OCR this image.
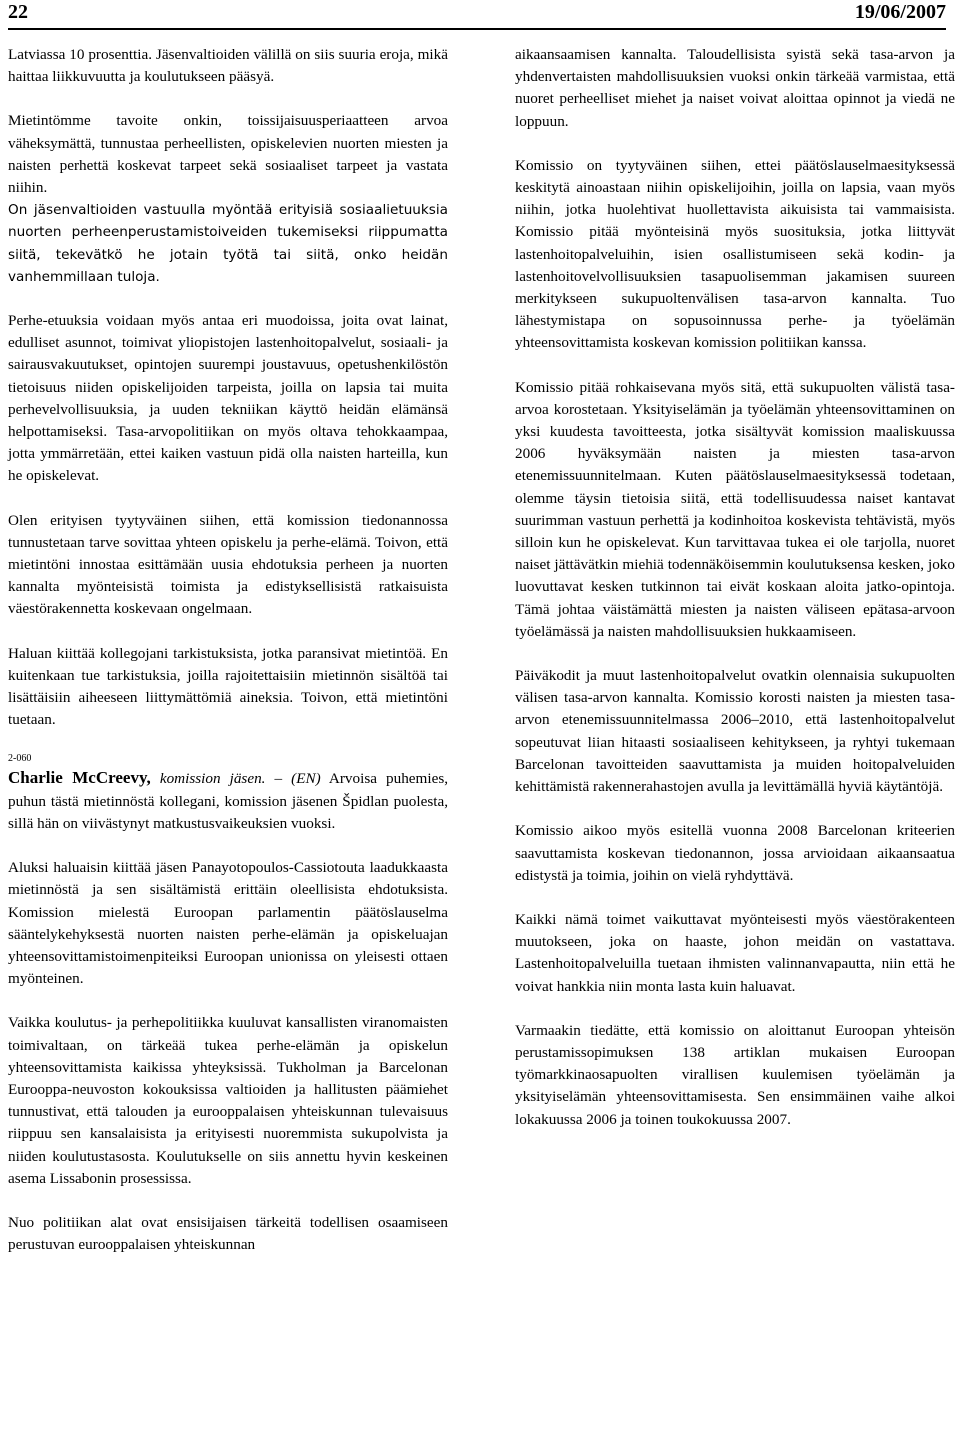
22	19/06/2007

Latviassa 10 prosenttia. Jäsenvaltioiden välillä on siis suuria eroja, mikä haittaa liikkuvuutta ja koulutukseen pääsyä.

Mietintömme tavoite onkin, toissijaisuusperiaatteen arvoa väheksymättä, tunnustaa perheellisten, opiskelevien nuorten miesten ja naisten perhettä koskevat tarpeet sekä sosiaaliset tarpeet ja vastata niihin.

On jäsenvaltioiden vastuulla myöntää erityisiä sosiaalietuuksia nuorten perheenperustamistoiveiden tukemiseksi riippumatta siitä, tekevätkö he jotain työtä tai siitä, onko heidän vanhemmillaan tuloja.

Perhe-etuuksia voidaan myös antaa eri muodoissa, joita ovat lainat, edulliset asunnot, toimivat yliopistojen lastenhoitopalvelut, sosiaali- ja sairausvakuutukset, opintojen suurempi joustavuus, opetushenkilöstön tietoisuus niiden opiskelijoiden tarpeista, joilla on lapsia tai muita perhevelvollisuuksia, ja uuden tekniikan käyttö heidän elämänsä helpottamiseksi. Tasa-arvopolitiikan on myös oltava tehokkaampaa, jotta ymmärretään, ettei kaiken vastuun pidä olla naisten harteilla, kun he opiskelevat.

Olen erityisen tyytyväinen siihen, että komission tiedonannossa tunnustetaan tarve sovittaa yhteen opiskelu ja perhe-elämä. Toivon, että mietintöni innostaa esittämään uusia ehdotuksia perheen ja nuorten kannalta myönteisistä toimista ja edistyksellisistä ratkaisuista väestörakennetta koskevaan ongelmaan.

Haluan kiittää kollegojani tarkistuksista, jotka paransivat mietintöä. En kuitenkaan tue tarkistuksia, joilla rajoitettaisiin mietinnön sisältöä tai lisättäisiin aiheeseen liittymättömiä aineksia. Toivon, että mietintöni tuetaan.

2-060

Charlie McCreevy, komission jäsen. – (EN) Arvoisa puhemies, puhun tästä mietinnöstä kollegani, komission jäsenen Špidlan puolesta, sillä hän on viivästynyt matkustusvaikeuksien vuoksi.

Aluksi haluaisin kiittää jäsen Panayotopoulos-Cassiotouta laadukkaasta mietinnöstä ja sen sisältämistä erittäin oleellisista ehdotuksista. Komission mielestä Euroopan parlamentin päätöslauselma sääntelykehyksestä nuorten naisten perhe-elämän ja opiskeluajan yhteensovittamistoimenpiteiksi Euroopan unionissa on yleisesti ottaen myönteinen.

Vaikka koulutus- ja perhepolitiikka kuuluvat kansallisten viranomaisten toimivaltaan, on tärkeää tukea perhe-elämän ja opiskelun yhteensovittamista kaikissa yhteyksissä. Tukholman ja Barcelonan Eurooppa-neuvoston kokouksissa valtioiden ja hallitusten päämiehet tunnustivat, että talouden ja eurooppalaisen yhteiskunnan tulevaisuus riippuu sen kansalaisista ja erityisesti nuoremmista sukupolvista ja niiden koulutustasosta. Koulutukselle on siis annettu hyvin keskeinen asema Lissabonin prosessissa.

Nuo politiikan alat ovat ensisijaisen tärkeitä todellisen osaamiseen perustuvan eurooppalaisen yhteiskunnan

aikaansaamisen kannalta. Taloudellisista syistä sekä tasa-arvon ja yhdenvertaisten mahdollisuuksien vuoksi onkin tärkeää varmistaa, että nuoret perheelliset miehet ja naiset voivat aloittaa opinnot ja viedä ne loppuun.

Komissio on tyytyväinen siihen, ettei päätöslauselmaesityksessä keskitytä ainoastaan niihin opiskelijoihin, joilla on lapsia, vaan myös niihin, jotka huolehtivat huollettavista aikuisista tai vammaisista. Komissio pitää myönteisinä myös suosituksia, jotka liittyvät lastenhoitopalveluihin, isien osallistumiseen sekä kodin- ja lastenhoitovelvollisuuksien tasapuolisemman jakamisen suureen merkitykseen sukupuoltenvälisen tasa-arvon kannalta. Tuo lähestymistapa on sopusoinnussa perhe- ja työelämän yhteensovittamista koskevan komission politiikan kanssa.

Komissio pitää rohkaisevana myös sitä, että sukupuolten välistä tasa-arvoa korostetaan. Yksityiselämän ja työelämän yhteensovittaminen on yksi kuudesta tavoitteesta, jotka sisältyvät komission maaliskuussa 2006 hyväksymään naisten ja miesten tasa-arvon etenemissuunnitelmaan. Kuten päätöslauselmaesityksessä todetaan, olemme täysin tietoisia siitä, että todellisuudessa naiset kantavat suurimman vastuun perhettä ja kodinhoitoa koskevista tehtävistä, myös silloin kun he opiskelevat. Kun tarvittavaa tukea ei ole tarjolla, nuoret naiset jättävätkin miehiä todennäköisemmin koulutuksensa kesken, joko luovuttavat kesken tutkinnon tai eivät koskaan aloita jatko-opintoja. Tämä johtaa väistämättä miesten ja naisten väliseen epätasa-arvoon työelämässä ja naisten mahdollisuuksien hukkaamiseen.

Päiväkodit ja muut lastenhoitopalvelut ovatkin olennaisia sukupuolten välisen tasa-arvon kannalta. Komissio korosti naisten ja miesten tasa-arvon etenemissuunnitelmassa 2006–2010, että lastenhoitopalvelut sopeutuvat liian hitaasti sosiaaliseen kehitykseen, ja ryhtyi tukemaan Barcelonan tavoitteiden saavuttamista ja muiden hoitopalveluiden kehittämistä rakennerahastojen avulla ja levittämällä hyviä käytäntöjä.

Komissio aikoo myös esitellä vuonna 2008 Barcelonan kriteerien saavuttamista koskevan tiedonannon, jossa arvioidaan aikaansaatua edistystä ja toimia, joihin on vielä ryhdyttävä.

Kaikki nämä toimet vaikuttavat myönteisesti myös väestörakenteen muutokseen, joka on haaste, johon meidän on vastattava. Lastenhoitopalveluilla tuetaan ihmisten valinnanvapautta, niin että he voivat hankkia niin monta lasta kuin haluavat.

Varmaakin tiedätte, että komissio on aloittanut Euroopan yhteisön perustamissopimuksen 138 artiklan mukaisen Euroopan työmarkkinaosapuolten virallisen kuulemisen työelämän ja yksityiselämän yhteensovittamisesta. Sen ensimmäinen vaihe alkoi lokakuussa 2006 ja toinen toukokuussa 2007.
